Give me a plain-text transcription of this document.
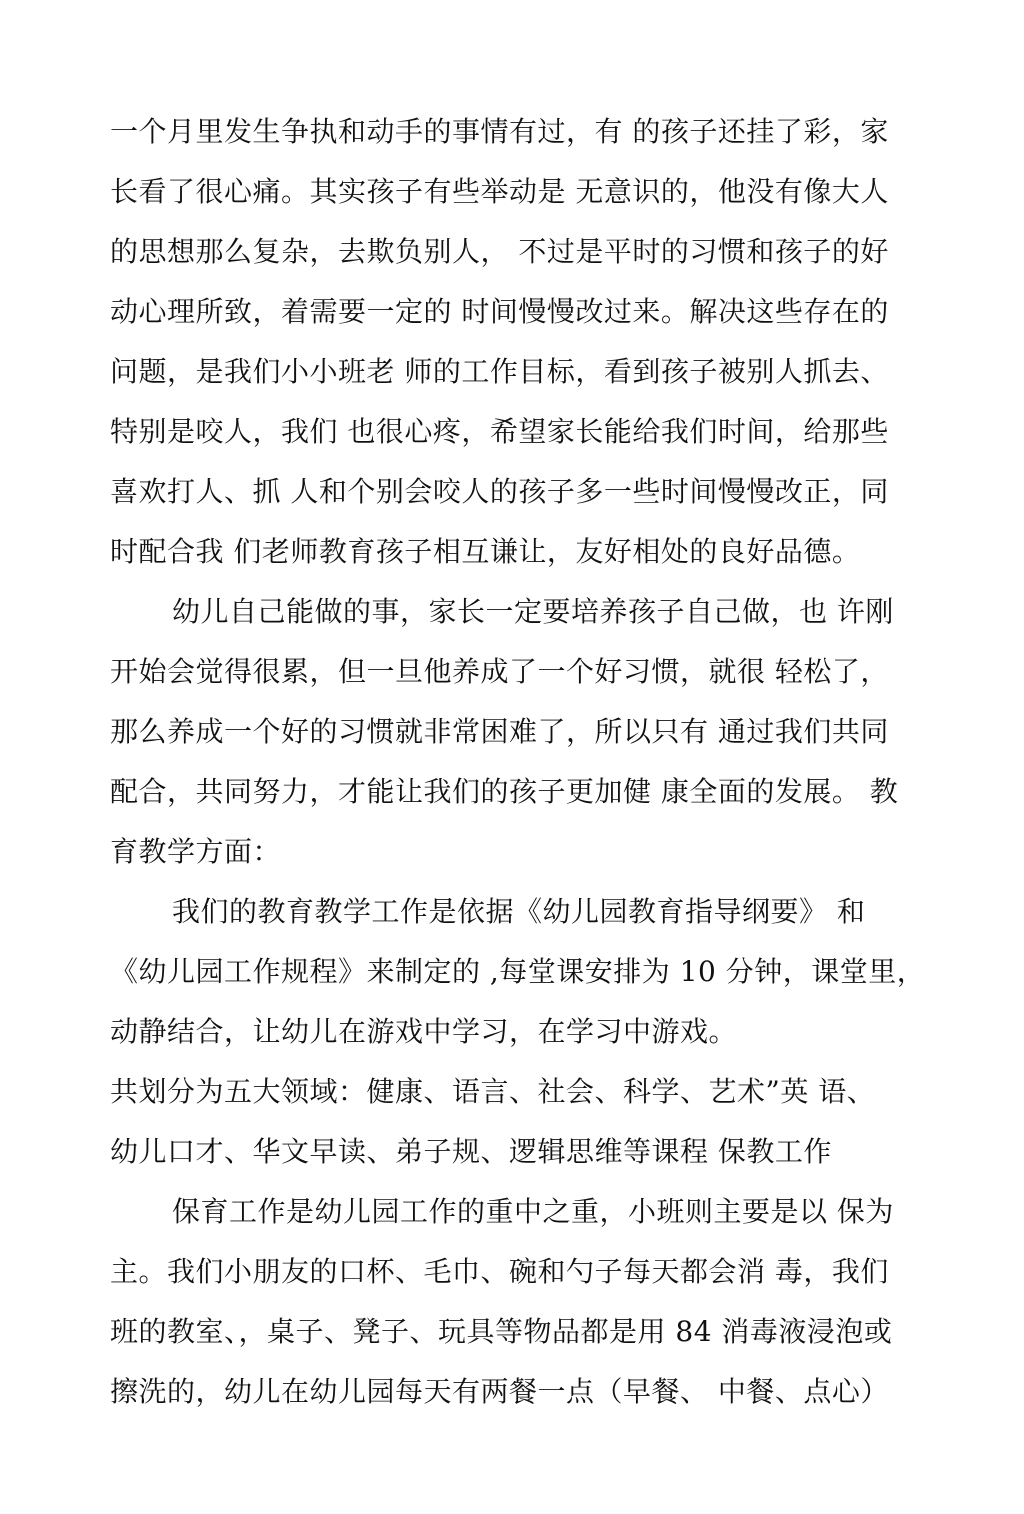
一个月里发生争执和动手的事情有过，有 的孩子还挂了彩，家
长看了很心痛。其实孩子有些举动是 无意识的，他没有像大人
的思想那么复杂，去欺负别人， 不过是平时的习惯和孩子的好
动心理所致，着需要一定的 时间慢慢改过来。解决这些存在的
问题，是我们小小班老 师的工作目标，看到孩子被别人抓去、
特别是咬人，我们 也很心疼，希望家长能给我们时间，给那些
喜欢打人、抓 人和个别会咬人的孩子多一些时间慢慢改正，同
时配合我 们老师教育孩子相互谦让，友好相处的良好品德。
幼儿自己能做的事，家长一定要培养孩子自己做，也 许刚
开始会觉得很累，但一旦他养成了一个好习惯，就很 轻松了，
那么养成一个好的习惯就非常困难了，所以只有 通过我们共同
配合，共同努力，才能让我们的孩子更加健 康全面的发展。 教
育教学方面：
我们的教育教学工作是依据《幼儿园教育指导纲要》 和
《幼儿园工作规程》来制定的 ,每堂课安排为 10 分钟，课堂里，
动静结合，让幼儿在游戏中学习，在学习中游戏。
共划分为五大领域：健康、语言、社会、科学、艺术”英 语、
幼儿口才、华文早读、弟子规、逻辑思维等课程 保教工作
保育工作是幼儿园工作的重中之重，小班则主要是以 保为
主。我们小朋友的口杯、毛巾、碗和勺子每天都会消 毒，我们
班的教室、，桌子、凳子、玩具等物品都是用 84 消毒液浸泡或
擦洗的，幼儿在幼儿园每天有两餐一点（早餐、 中餐、点心）
